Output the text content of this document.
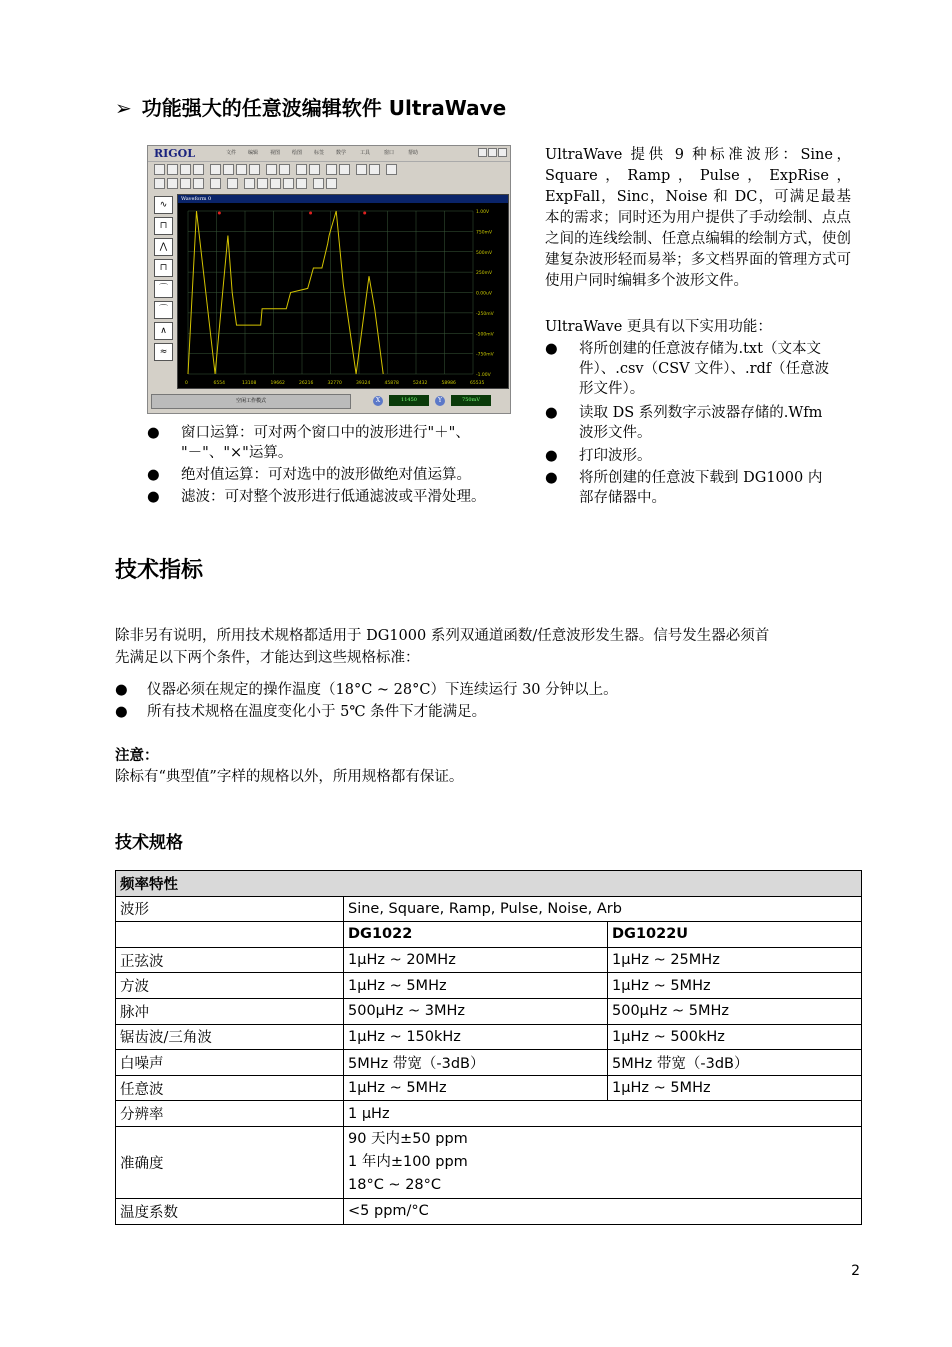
➢ 功能强大的任意波编辑软件 UltraWave
RIGOL	文件 编辑 视图 绘图 标签 数学	工具	窗口	帮助
∿
⊓
⋀
⊓
⌒
⌒
∧
≈
Waveform 0
1.00V
750mV
500mV
250mV
0.00uV
-250mV
-500mV
-750mV
-1.00V
0	6554	13108	19662	26216	32770	39324	45878	52432	58986	65535
空闲工作模式	X	11450	Y	750mV
● 窗口运算：可对两个窗口中的波形进行"＋"、
"－"、"×"运算。
● 绝对值运算：可对选中的波形做绝对值运算。
● 滤波：可对整个波形进行低通滤波或平滑处理。
UltraWave 提供 9 种标准波形：Sine，Square，Ramp，Pulse，ExpRise，ExpFall，Sinc，Noise 和 DC，可满足最基本的需求；同时还为用户提供了手动绘制、点点之间的连线绘制、任意点编辑的绘制方式，使创建复杂波形轻而易举；多文档界面的管理方式可使用户同时编辑多个波形文件。
UltraWave 更具有以下实用功能：
● 将所创建的任意波存储为.txt（文本文
件）、.csv（CSV 文件）、.rdf（任意波
形文件）。
● 读取 DS 系列数字示波器存储的.Wfm
波形文件。
● 打印波形。
● 将所创建的任意波下载到 DG1000 内
部存储器中。
技术指标
除非另有说明，所用技术规格都适用于 DG1000 系列双通道函数/任意波形发生器。信号发生器必须首
先满足以下两个条件，才能达到这些规格标准：
● 仪器必须在规定的操作温度（18°C ~ 28°C）下连续运行 30 分钟以上。
● 所有技术规格在温度变化小于 5℃ 条件下才能满足。
注意：
除标有“典型值”字样的规格以外，所用规格都有保证。
技术规格
频率特性		
波形	Sine, Square, Ramp, Pulse, Noise, Arb	
	DG1022	DG1022U
正弦波	1μHz ~ 20MHz	1μHz ~ 25MHz
方波	1μHz ~ 5MHz	1μHz ~ 5MHz
脉冲	500μHz ~ 3MHz	500μHz ~ 5MHz
锯齿波/三角波	1μHz ~ 150kHz	1μHz ~ 500kHz
白噪声	5MHz 带宽（-3dB）	5MHz 带宽（-3dB）
任意波	1μHz ~ 5MHz	1μHz ~ 5MHz
分辨率	1 μHz	
准确度	90 天内±50 ppm
1 年内±100 ppm
18°C ~ 28°C	

温度系数	<5 ppm/°C	
2
